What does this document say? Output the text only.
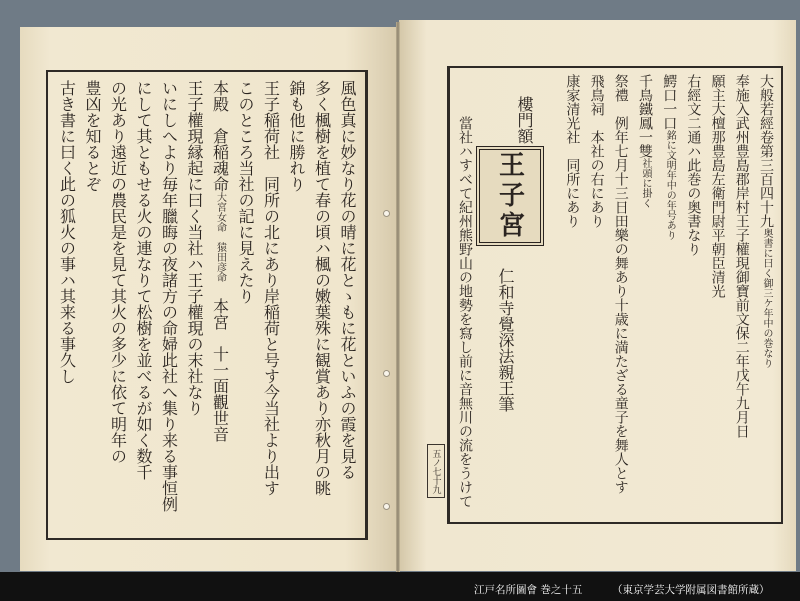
大般若經卷第三百四十九奥書に曰く御三ケ年中の巻なり
奉施入武州豊島郡岸村王子權現御寶前文保二年戊午九月日
願主大檀那豊島左衛門尉平朝臣清光
右經文二通ハ此巻の奥書なり
鰐口一口銘に文明年中の年号あり
千鳥鐵鳳一雙社頭に掛く
祭禮　例年七月十三日田樂の舞あり十歳に満たざる童子を舞人とす
飛鳥祠　本社の右にあり
康家清光社　同所にあり
樓門額
王子宮
仁和寺覺深法親王筆
當社ハすべて紀州熊野山の地勢を寫し前に音無川の流をうけて
五ノ七十九
風色真に妙なり花の晴に花とゝもに花といふの霞を見る
多く楓樹を植て春の頃ハ楓の嫩葉殊に観賞あり亦秋月の眺
錦も他に勝れり
王子稲荷社　同所の北にあり岸稲荷と号す今当社より出す
このところ当社の記に見えたり
本殿　倉稲魂命大宮女命　猿田彦命　本宮　十一面觀世音
王子權現縁起に曰く当社ハ王子權現の末社なり
いにしへより毎年臘晦の夜諸方の命婦此社へ集り来る事恒例
にして其ともせる火の連なりて松樹を並べるが如く数千
の光あり遠近の農民是を見て其火の多少に依て明年の
豊凶を知るとぞ
古き書に曰く此の狐火の事ハ其来る事久し
江戸名所圖會 巻之十五	（東京学芸大学附属図書館所蔵）
